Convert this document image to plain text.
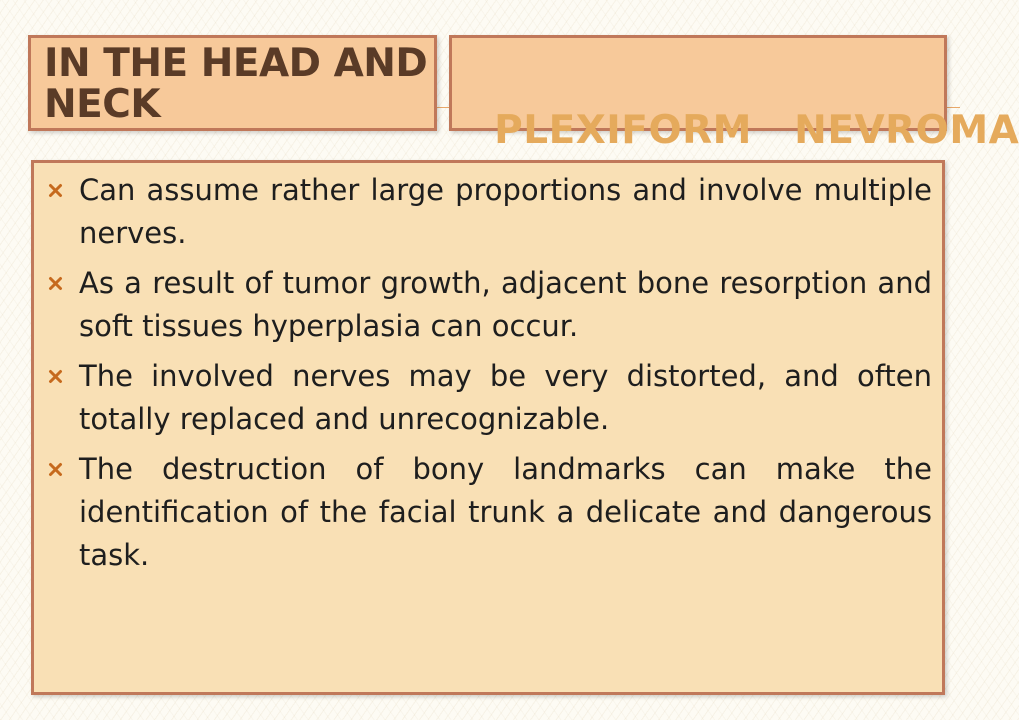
IN THE HEAD AND NECK

PLEXIFORM   NEVROMA

Can assume rather large proportions and involve multiple nerves.
As a result of tumor growth, adjacent bone resorption and soft tissues hyperplasia can occur.
The involved nerves may be very distorted, and often totally replaced and unrecognizable.
The destruction of bony landmarks can make the identification of the facial trunk a delicate and dangerous task.
